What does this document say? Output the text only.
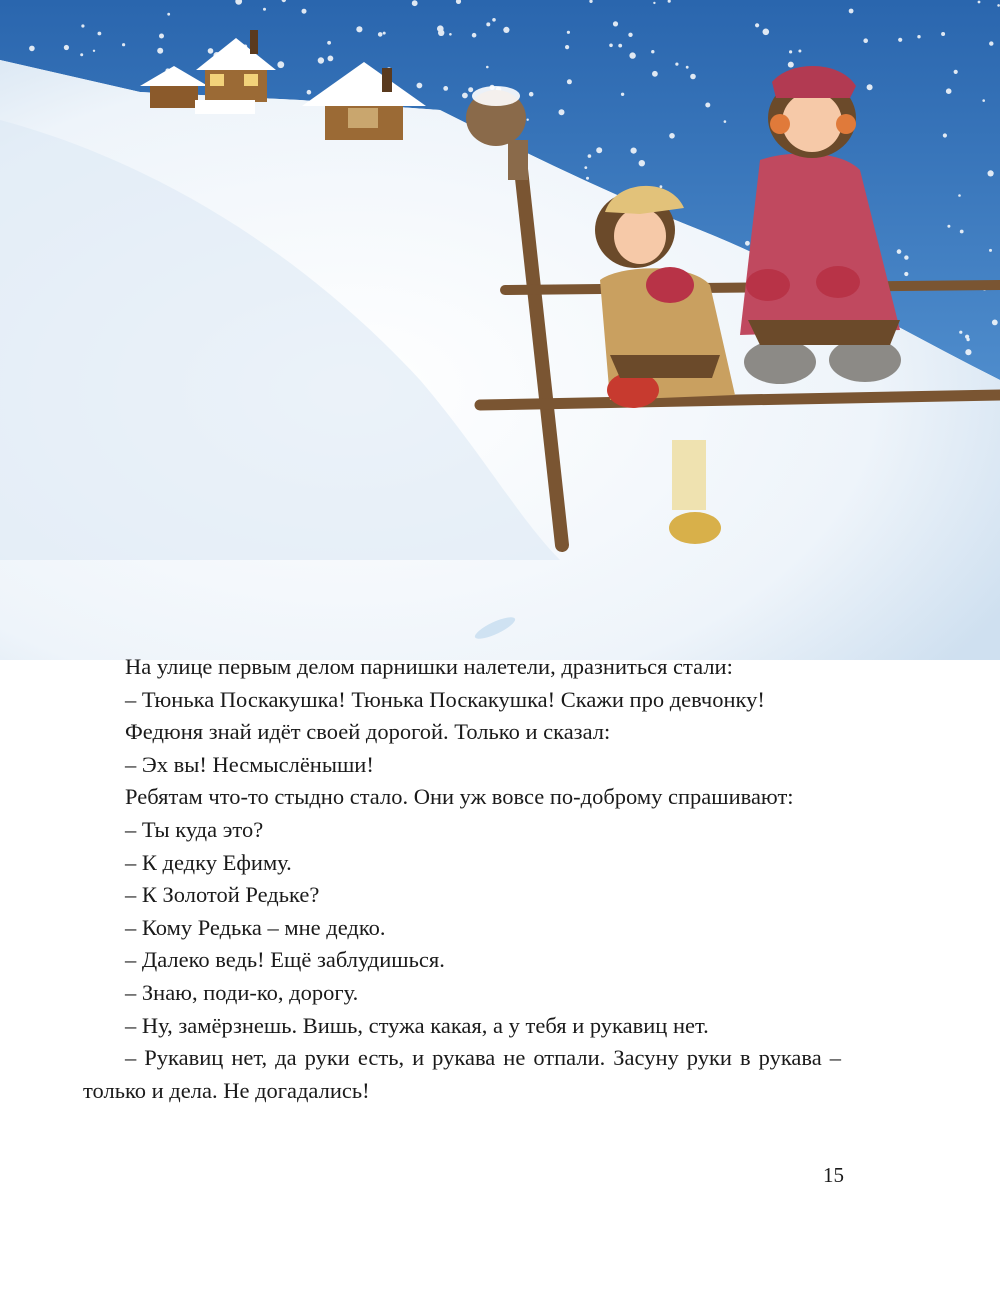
На улице первым делом парнишки налетели, дразниться стали:

– Тюнька Поскакушка! Тюнька Поскакушка! Скажи про девчонку!

Федюня знай идёт своей дорогой. Только и сказал:

– Эх вы! Несмыслёныши!

Ребятам что-то стыдно стало. Они уж вовсе по-доброму спрашивают:

– Ты куда это?

– К дедку Ефиму.

– К Золотой Редьке?

– Кому Редька – мне дедко.

– Далеко ведь! Ещё заблудишься.

– Знаю, поди-ко, дорогу.

– Ну, замёрзнешь. Вишь, стужа какая, а у тебя и рукавиц нет.

– Рукавиц нет, да руки есть, и рукава не отпали. Засуну руки в рукава – только и дела. Не догадались!

15
